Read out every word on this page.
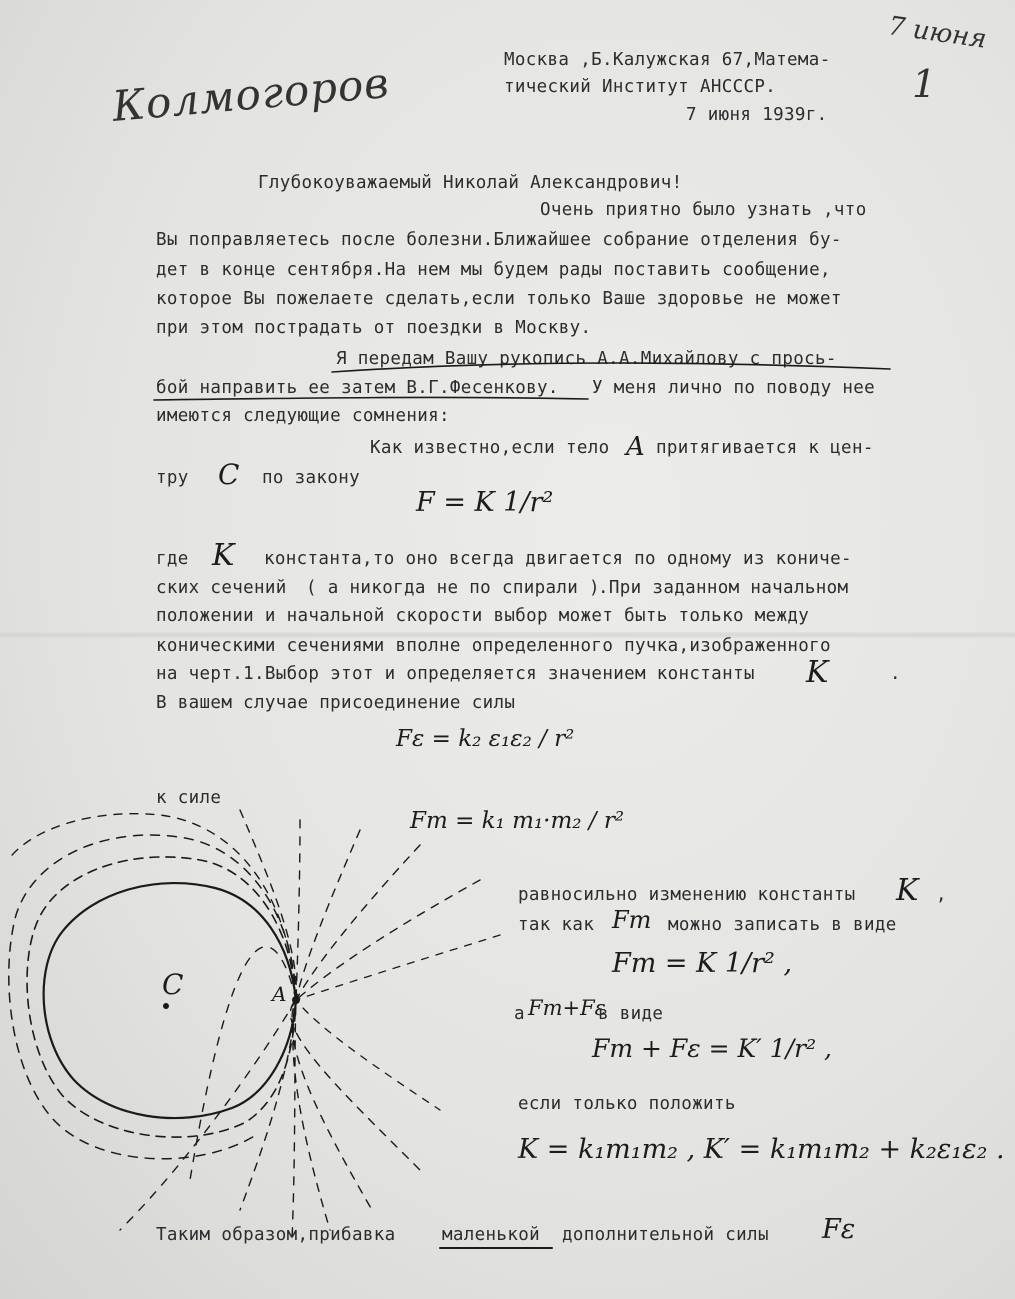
Колмогоров
7 июня
1
Москва ,Б.Калужская 67,Матема-
тический Институт АНСССР.
7 июня 1939г.
Глубокоуважаемый Николай Александрович!
Очень приятно было узнать ,что
Вы поправляетесь после болезни.Ближайшее собрание отделения бу-
дет в конце сентября.На нем мы будем рады поставить сообщение,
которое Вы пожелаете сделать,если только Ваше здоровье не может
при этом пострадать от поездки в Москву.
Я передам Вашу рукопись А.А.Михайлову с прось-
бой направить ее затем В.Г.Фесенкову. У меня лично по поводу нее
имеются следующие сомнения:
Как известно,если тело A притягивается к цен-
тру C по закону
F = K 1/r²
где K константа,то оно всегда двигается по одному из кониче-
ских сечений ( а никогда не по спирали )
.При заданном начальном
положении и начальной скорости выбор может быть только между
коническими сечениями вполне определенного пучка,изображенного
на черт.1.Выбор этот и определяется значением константы K	.
В вашем случае присоединение силы
Fε = k₂ ε₁ε₂ / r²
к силе
Fm = k₁ m₁·m₂ / r²
равносильно изменению константы K ,
так как Fm можно записать в виде
Fm = K 1/r² ,
а Fm+Fε
в виде
Fm + Fε = K′ 1/r² ,
если только положить
K = k₁m₁m₂ , K′ = k₁m₁m₂ + k₂ε₁ε₂ .
C	A
Таким образом,прибавка	маленькой дополнительной силы Fε
